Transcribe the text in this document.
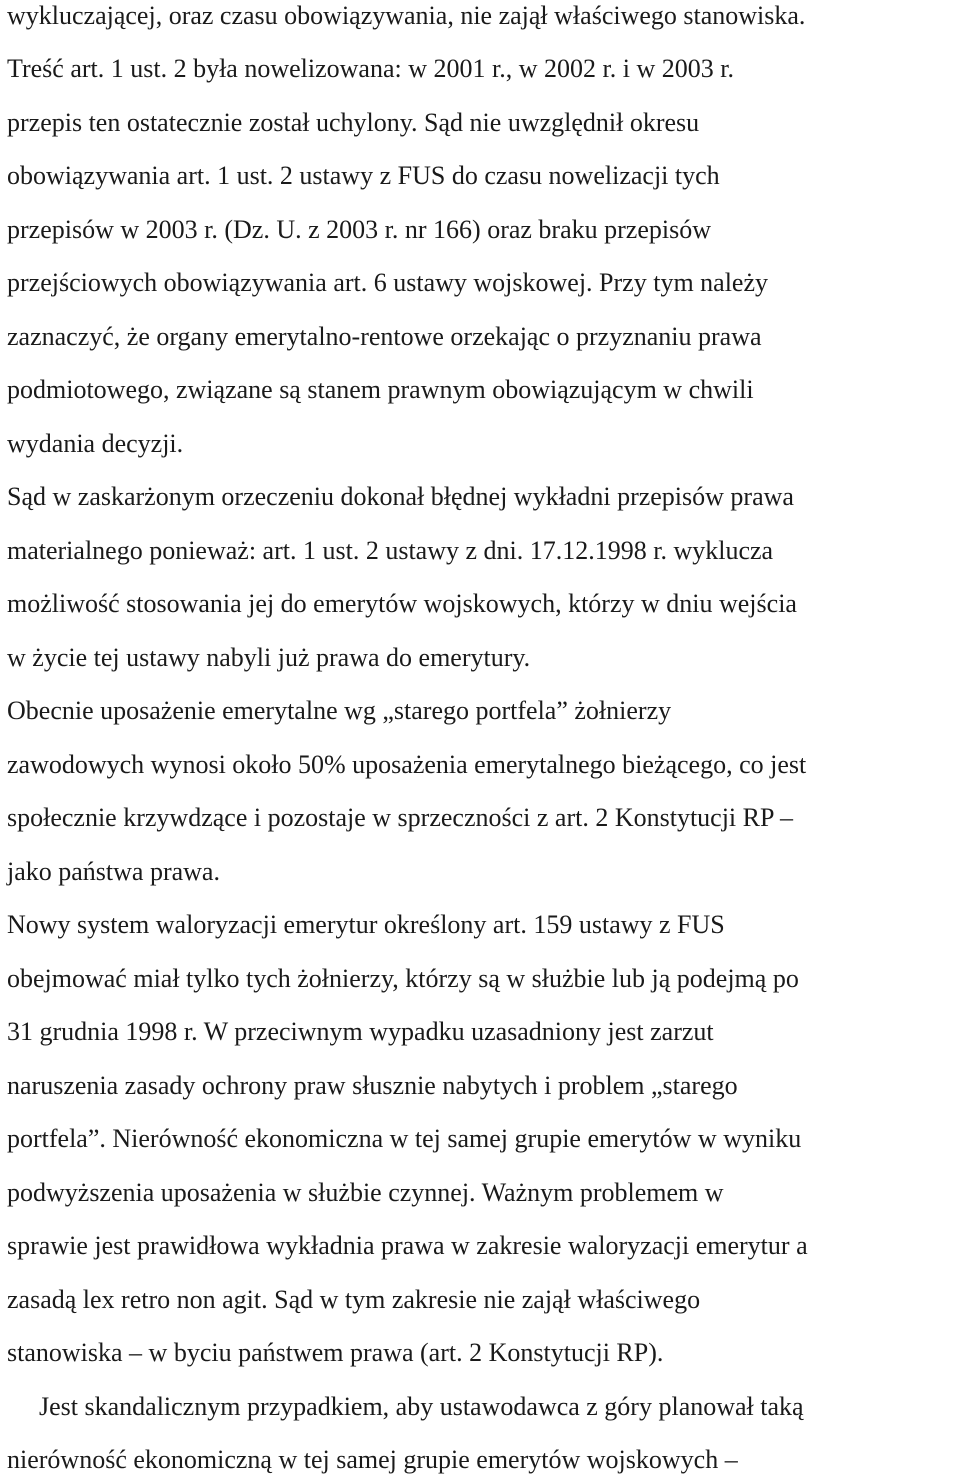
wykluczającej, oraz czasu obowiązywania, nie zajął właściwego stanowiska.
Treść art. 1 ust. 2 była nowelizowana: w 2001 r., w 2002 r. i w 2003 r.
przepis ten ostatecznie został uchylony. Sąd nie uwzględnił okresu
obowiązywania art. 1 ust. 2 ustawy z FUS do czasu nowelizacji tych
przepisów w 2003 r. (Dz. U. z 2003 r. nr 166) oraz braku przepisów
przejściowych obowiązywania art. 6 ustawy wojskowej. Przy tym należy
zaznaczyć, że organy emerytalno-rentowe orzekając o przyznaniu prawa
podmiotowego, związane są stanem prawnym obowiązującym w chwili
wydania decyzji.
Sąd w zaskarżonym orzeczeniu dokonał błędnej wykładni przepisów prawa
materialnego ponieważ: art. 1 ust. 2 ustawy z dni. 17.12.1998 r. wyklucza
możliwość stosowania jej do emerytów wojskowych, którzy w dniu wejścia
w życie tej ustawy nabyli już prawa do emerytury.
Obecnie uposażenie emerytalne wg „starego portfela” żołnierzy
zawodowych wynosi około 50% uposażenia emerytalnego bieżącego, co jest
społecznie krzywdzące i pozostaje w sprzeczności z art. 2 Konstytucji RP –
jako państwa prawa.
Nowy system waloryzacji emerytur określony art. 159 ustawy z FUS
obejmować miał tylko tych żołnierzy, którzy są w służbie lub ją podejmą po
31 grudnia 1998 r. W przeciwnym wypadku uzasadniony jest zarzut
naruszenia zasady ochrony praw słusznie nabytych i problem „starego
portfela”. Nierówność ekonomiczna w tej samej grupie emerytów w wyniku
podwyższenia uposażenia w służbie czynnej. Ważnym problemem w
sprawie jest prawidłowa wykładnia prawa w zakresie waloryzacji emerytur a
zasadą lex retro non agit. Sąd w tym zakresie nie zajął właściwego
stanowiska – w byciu państwem prawa (art. 2 Konstytucji RP).
Jest skandalicznym przypadkiem, aby ustawodawca z góry planował taką
nierówność ekonomiczną w tej samej grupie emerytów wojskowych –
